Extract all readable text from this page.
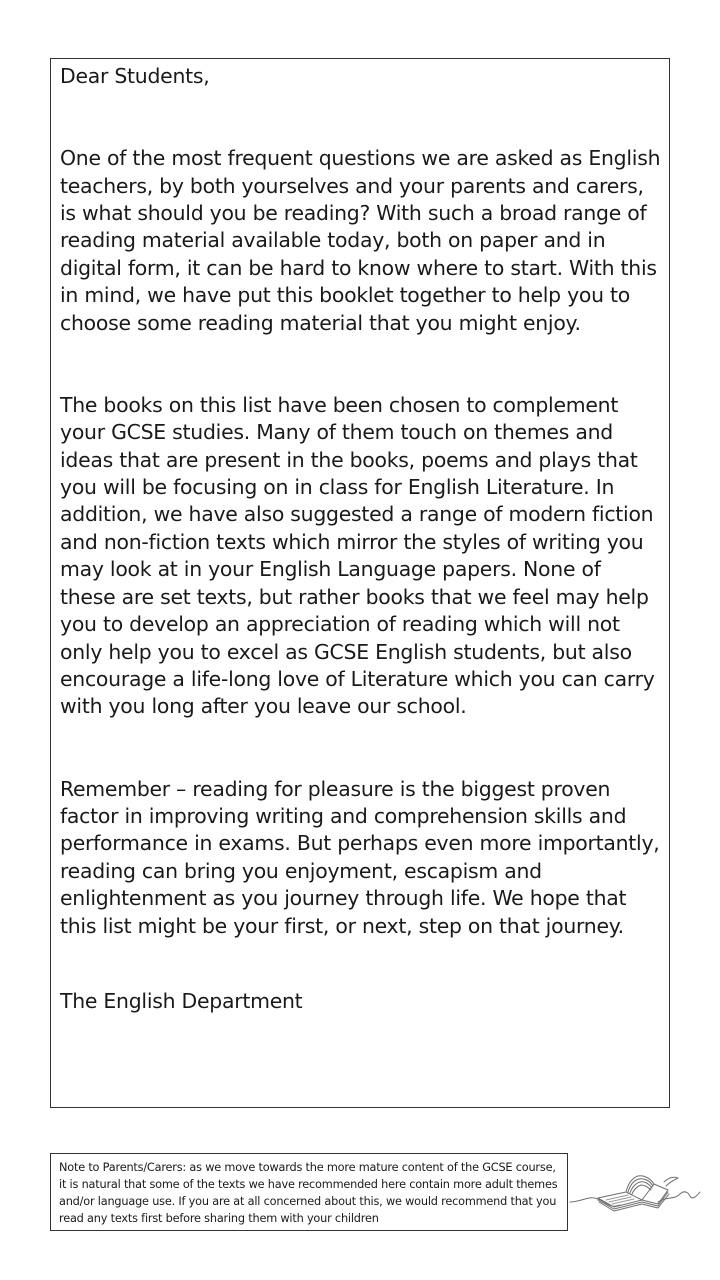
Dear Students,

One of the most frequent questions we are asked as English teachers, by both yourselves and your parents and carers, is what should you be reading? With such a broad range of reading material available today, both on paper and in digital form, it can be hard to know where to start. With this in mind, we have put this booklet together to help you to choose some reading material that you might enjoy.

The books on this list have been chosen to complement your GCSE studies. Many of them touch on themes and ideas that are present in the books, poems and plays that you will be focusing on in class for English Literature. In addition, we have also suggested a range of modern fiction and non-fiction texts which mirror the styles of writing you may look at in your English Language papers. None of these are set texts, but rather books that we feel may help you to develop an appreciation of reading which will not only help you to excel as GCSE English students, but also encourage a life-long love of Literature which you can carry with you long after you leave our school.

Remember – reading for pleasure is the biggest proven factor in improving writing and comprehension skills and performance in exams. But perhaps even more importantly, reading can bring you enjoyment, escapism and enlightenment as you journey through life. We hope that this list might be your first, or next, step on that journey.

The English Department

Note to Parents/Carers: as we move towards the more mature content of the GCSE course, it is natural that some of the texts we have recommended here contain more adult themes and/or language use. If you are at all concerned about this, we would recommend that you read any texts first before sharing them with your children
